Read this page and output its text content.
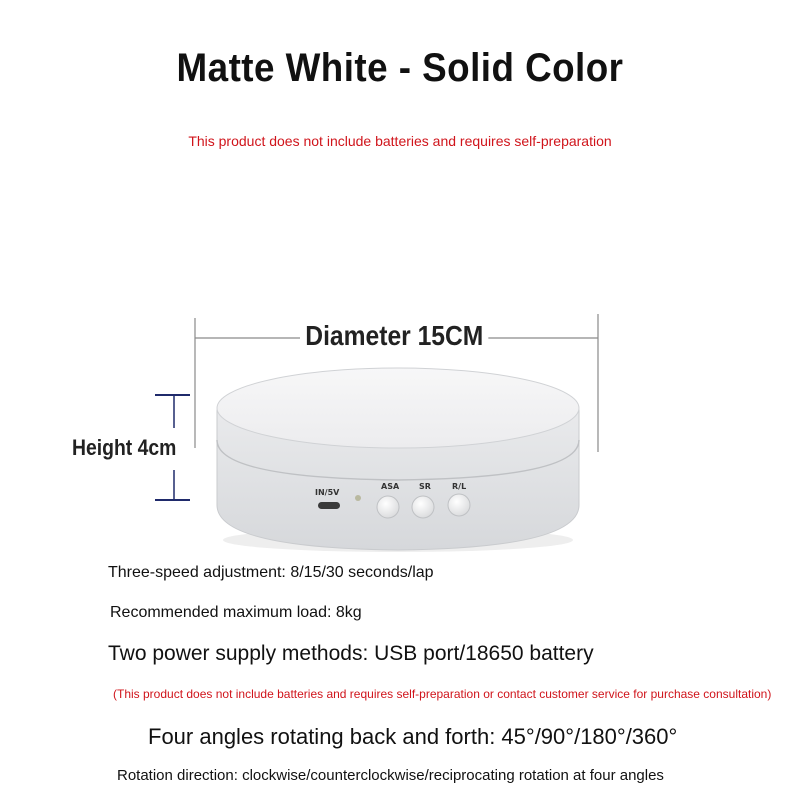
Matte White - Solid Color
This product does not include batteries and requires self-preparation
IN/5V
ASA SR	R/L
Diameter 15CM
Height 4cm
Three-speed adjustment: 8/15/30 seconds/lap
Recommended maximum load: 8kg
Two power supply methods: USB port/18650 battery
(This product does not include batteries and requires self-preparation or contact customer service for purchase consultation)
Four angles rotating back and forth: 45°/90°/180°/360°
Rotation direction: clockwise/counterclockwise/reciprocating rotation at four angles
